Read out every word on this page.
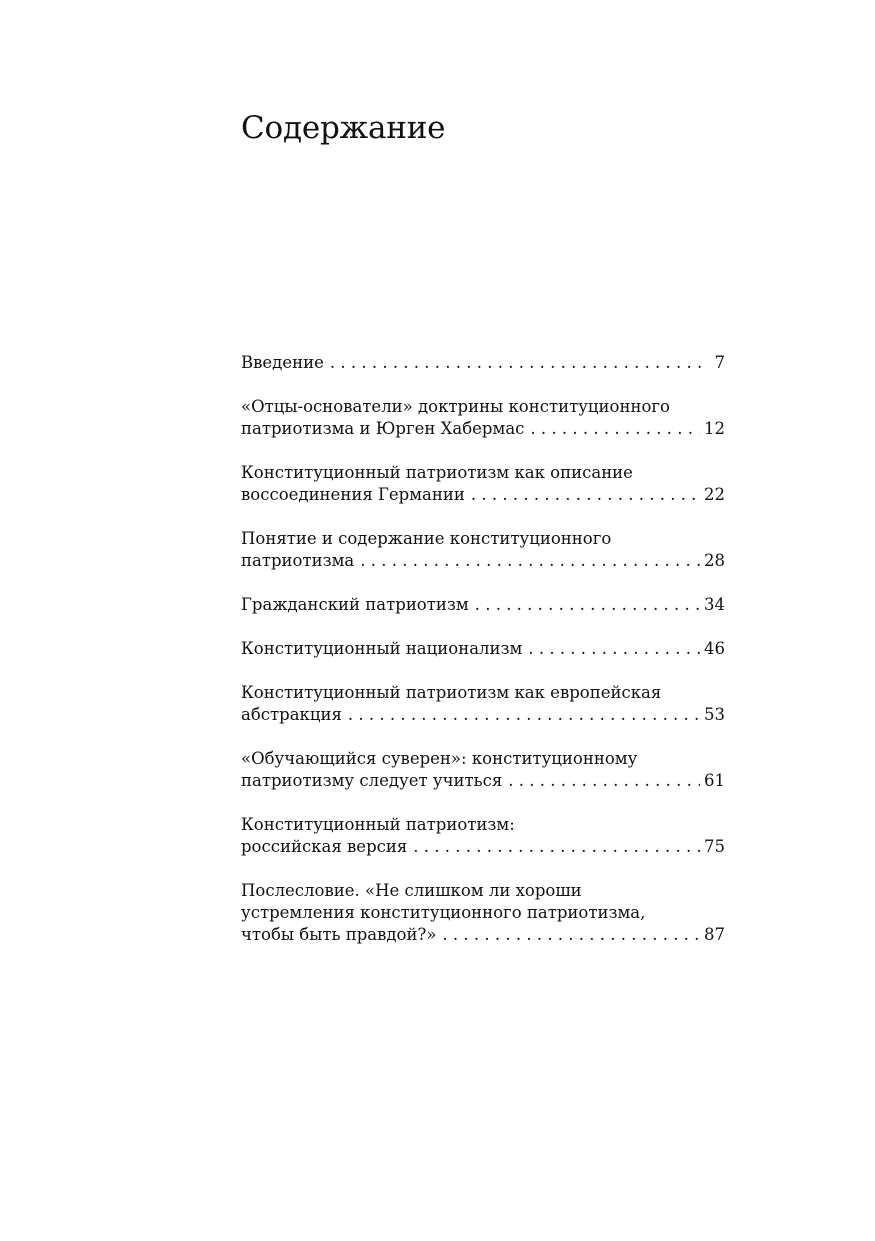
Содержание
Введение . . .	7
«Отцы-основатели» доктрины конституционного
патриотизма и Юрген Хабермас . . .	12
Конституционный патриотизм как описание
воссоединения Германии . . .	22
Понятие и содержание конституционного
патриотизма . . .	28
Гражданский патриотизм . . .	34
Конституционный национализм . . .	46
Конституционный патриотизм как европейская
абстракция . . .	53
«Обучающийся суверен»: конституционному
патриотизму следует учиться . . .	61
Конституционный патриотизм:
российская версия . . .	75
Послесловие. «Не слишком ли хороши
устремления конституционного патриотизма,
чтобы быть правдой?» . . .	87
